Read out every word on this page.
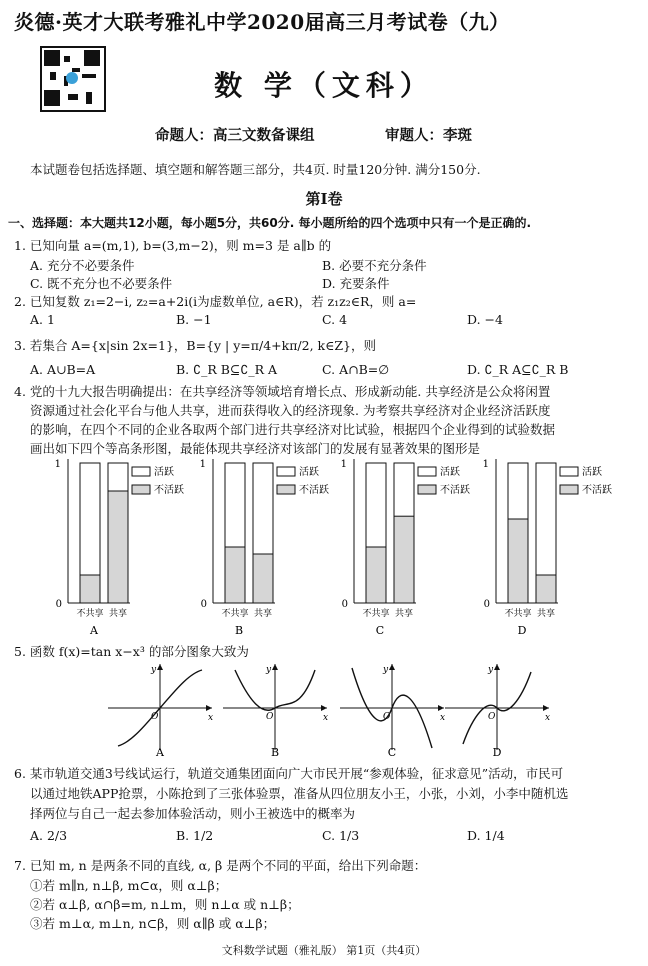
炎德·英才大联考雅礼中学2020届高三月考试卷（九）
数 学（文科）
命题人：高三文数备课组	审题人：李斑
本试题卷包括选择题、填空题和解答题三部分，共4页. 时量120分钟. 满分150分.
第Ⅰ卷
一、选择题：本大题共12小题，每小题5分，共60分. 每小题所给的四个选项中只有一个是正确的.
1. 已知向量 a=(m,1), b=(3,m−2)，则 m=3 是 a∥b 的
A. 充分不必要条件	B. 必要不充分条件
C. 既不充分也不必要条件	D. 充要条件
2. 已知复数 z₁=2−i, z₂=a+2i(i为虚数单位, a∈R)，若 z₁z₂∈R，则 a=
A. 1	B. −1	C. 4	D. −4
3. 若集合 A={x|sin 2x=1}，B={y | y=π/4+kπ/2, k∈Z}，则
A. A∪B=A	B. ∁_R B⊆∁_R A	C. A∩B=∅	D. ∁_R A⊆∁_R B
4. 党的十九大报告明确提出：在共享经济等领域培育增长点、形成新动能. 共享经济是公众将闲置
资源通过社会化平台与他人共享，进而获得收入的经济现象. 为考察共享经济对企业经济活跃度
的影响，在四个不同的企业各取两个部门进行共享经济对比试验，根据四个企业得到的试验数据
画出如下四个等高条形图，最能体现共享经济对该部门的发展有显著效果的图形是
1
0
不共享 共享
活跃
不活跃
A
1
0
不共享 共享
活跃
不活跃
B
1
0
不共享 共享
活跃
不活跃
C
1
0
不共享 共享
活跃
不活跃
D
5. 函数 f(x)=tan x−x³ 的部分图象大致为
y
x
O
A
y
x
O
B
y
x
O
C
y
x
O
D
6. 某市轨道交通3号线试运行，轨道交通集团面向广大市民开展“参观体验，征求意见”活动，市民可
以通过地铁APP抢票，小陈抢到了三张体验票，准备从四位朋友小王，小张，小刘，小李中随机选
择两位与自己一起去参加体验活动，则小王被选中的概率为
A. 2/3	B. 1/2	C. 1/3	D. 1/4
7. 已知 m, n 是两条不同的直线, α, β 是两个不同的平面，给出下列命题：
①若 m∥n, n⊥β, m⊂α，则 α⊥β；
②若 α⊥β, α∩β=m, n⊥m，则 n⊥α 或 n⊥β；
③若 m⊥α, m⊥n, n⊂β，则 α∥β 或 α⊥β；
文科数学试题（雅礼版） 第1页（共4页）
